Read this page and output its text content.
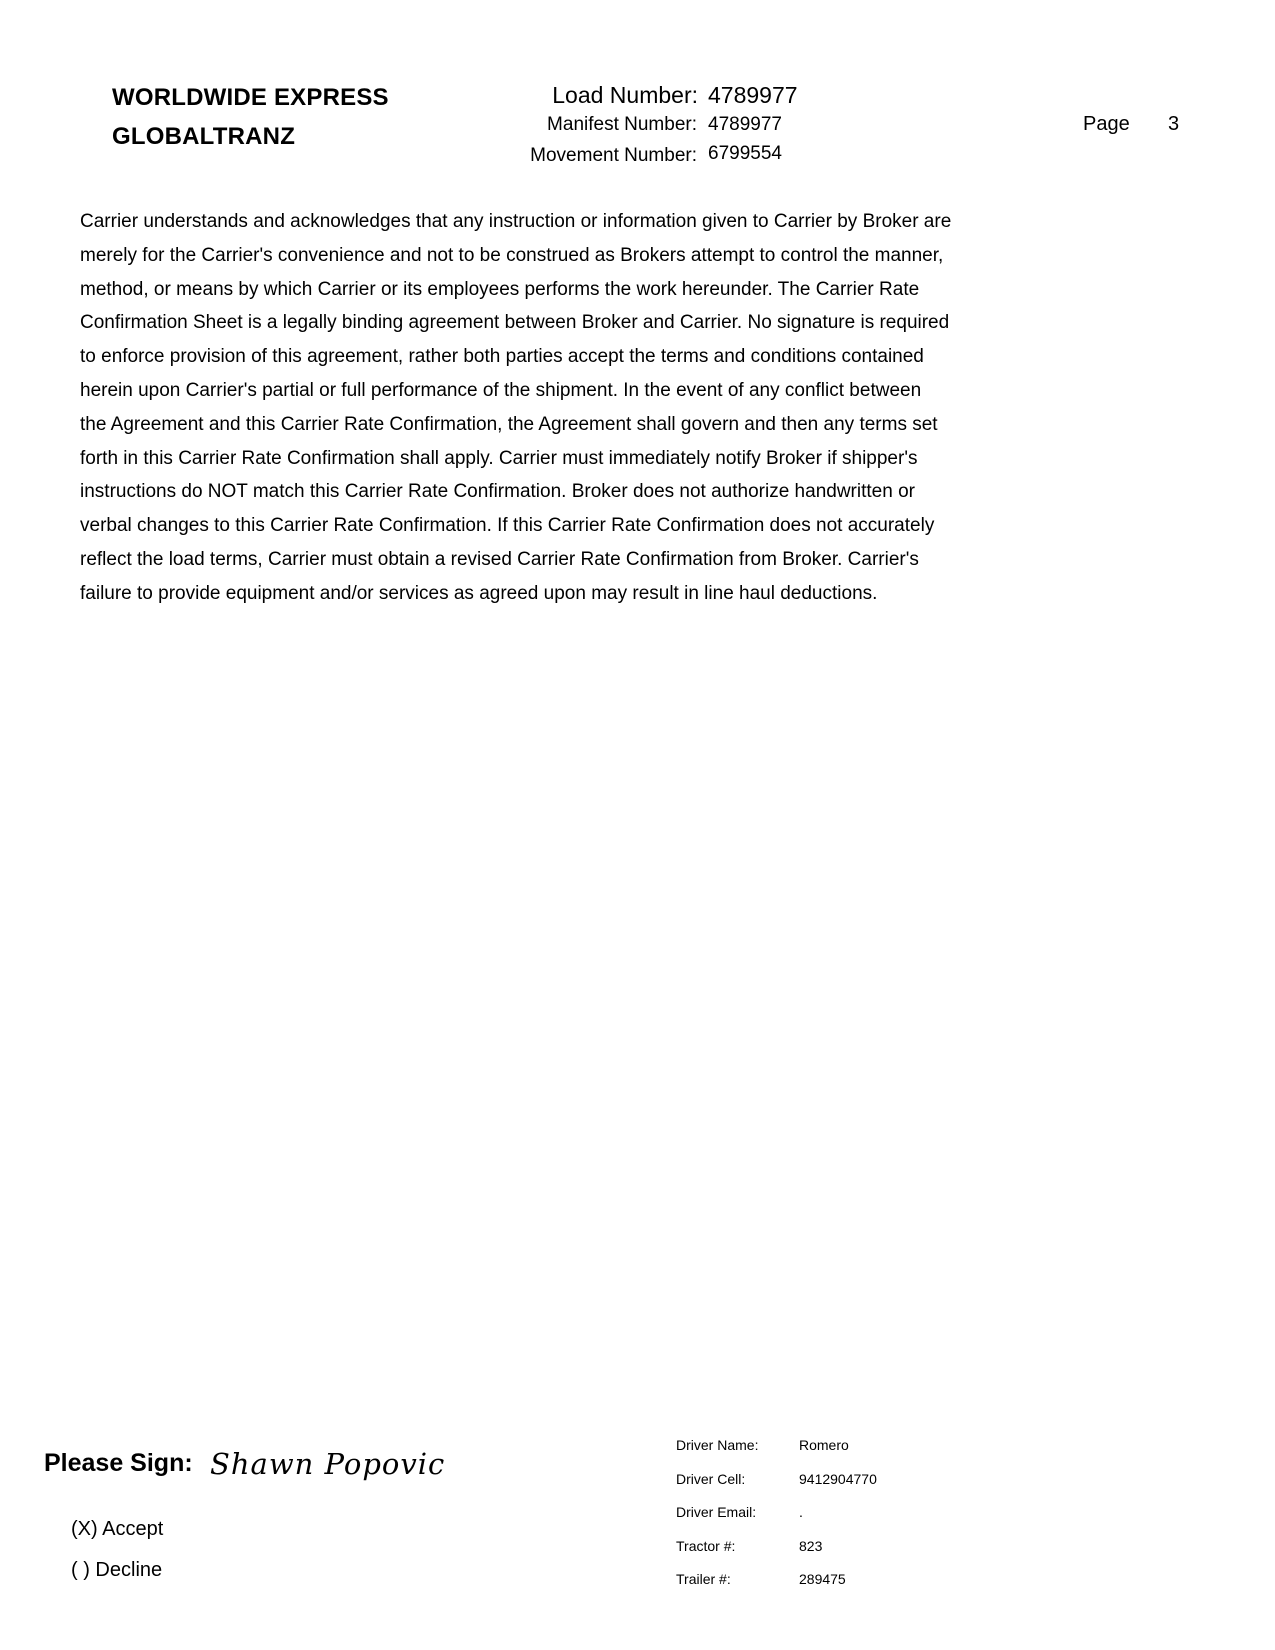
WORLDWIDE EXPRESS
GLOBALTRANZ
Load Number: 4789977
Manifest Number: 4789977
Movement Number: 6799554
Page 3
Carrier understands and acknowledges that any instruction or information given to Carrier by Broker are
merely for the Carrier's convenience and not to be construed as Brokers attempt to control the manner,
method, or means by which Carrier or its employees performs the work hereunder. The Carrier Rate
Confirmation Sheet is a legally binding agreement between Broker and Carrier. No signature is required
to enforce provision of this agreement, rather both parties accept the terms and conditions contained
herein upon Carrier's partial or full performance of the shipment. In the event of any conflict between
the Agreement and this Carrier Rate Confirmation, the Agreement shall govern and then any terms set
forth in this Carrier Rate Confirmation shall apply. Carrier must immediately notify Broker if shipper's
instructions do NOT match this Carrier Rate Confirmation. Broker does not authorize handwritten or
verbal changes to this Carrier Rate Confirmation. If this Carrier Rate Confirmation does not accurately
reflect the load terms, Carrier must obtain a revised Carrier Rate Confirmation from Broker. Carrier's
failure to provide equipment and/or services as agreed upon may result in line haul deductions.
Please Sign: Shawn Popovic
(X) Accept
( ) Decline
Driver Name:	Romero
Driver Cell:	9412904770
Driver Email:	.
Tractor #:	823
Trailer #:	289475
